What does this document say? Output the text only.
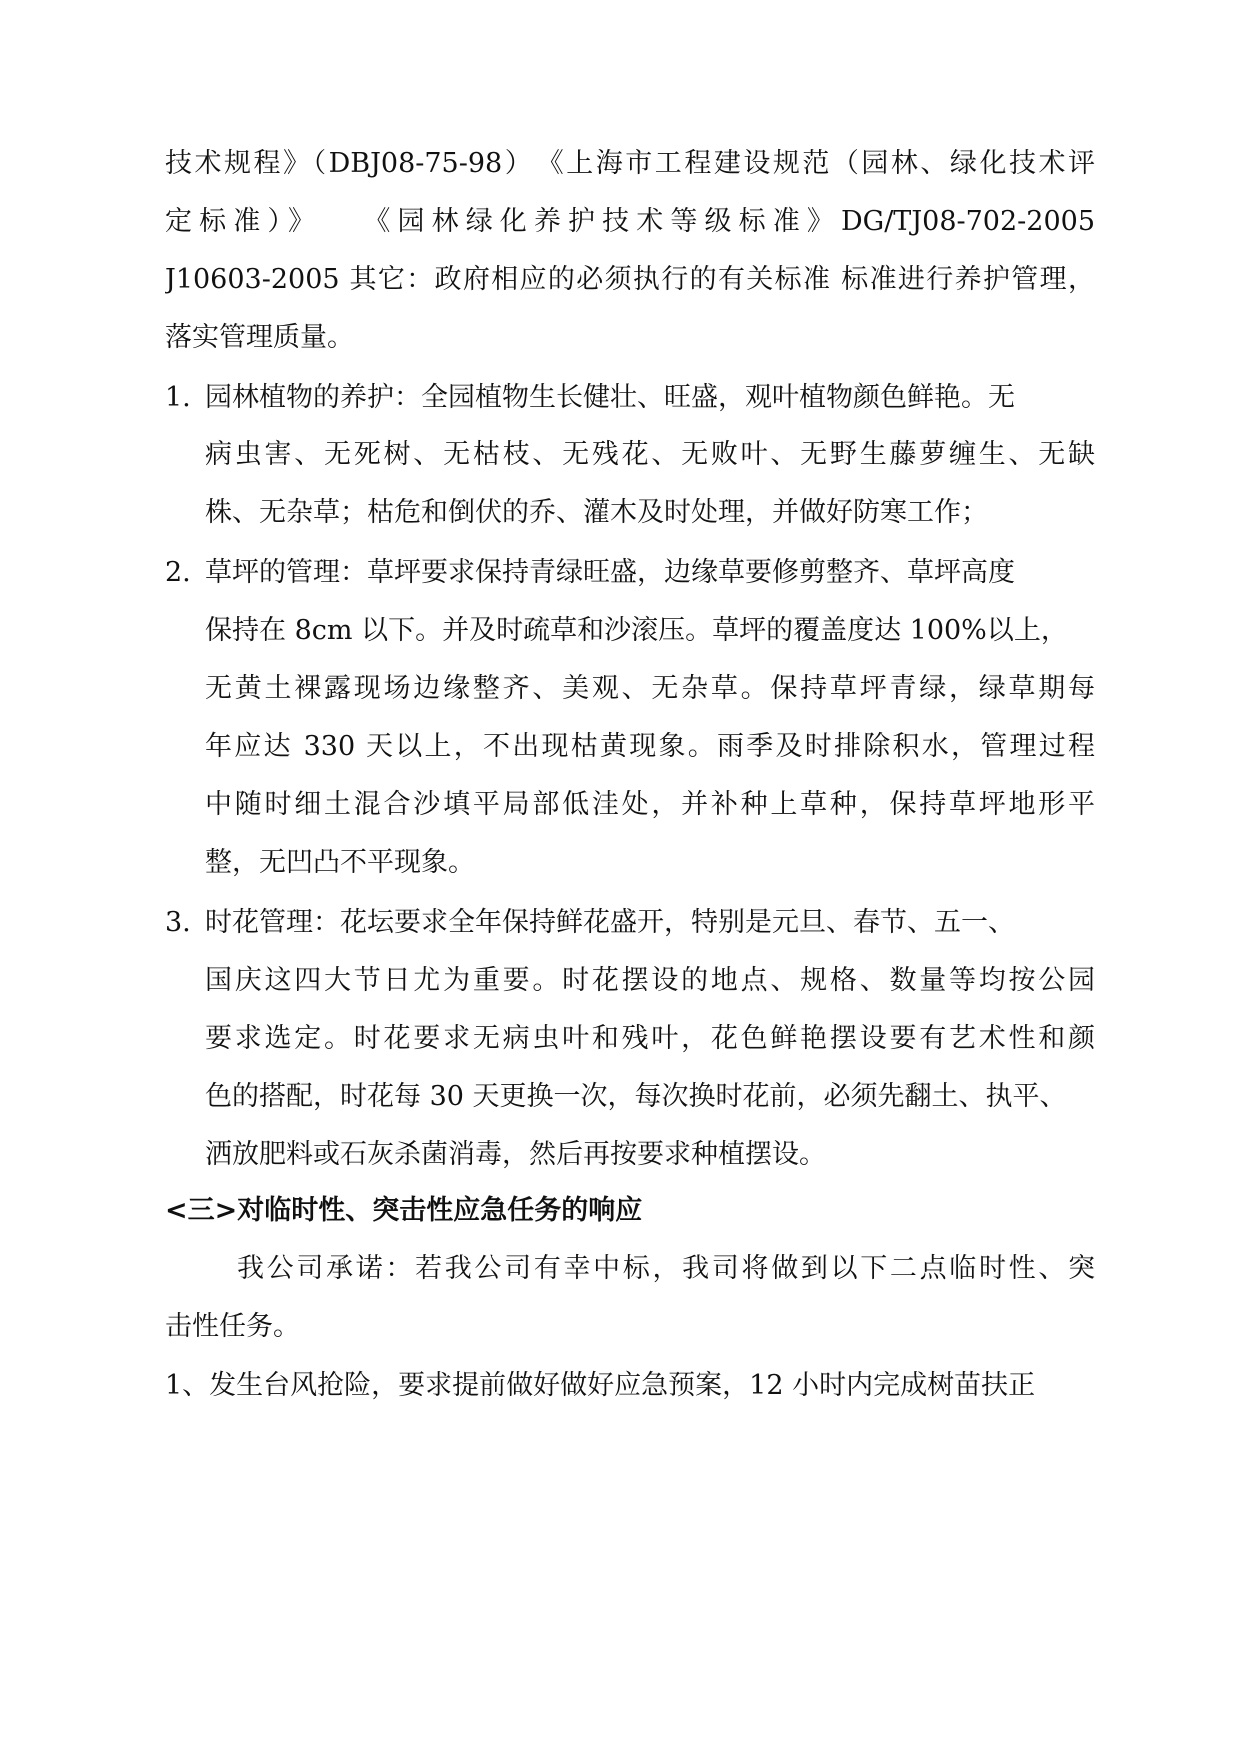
技术规程》（DBJ08-75-98）　《上海市工程建设规范（园林、绿化技术评
定标准）》　　《园林绿化养护技术等级标准》DG/TJ08-702-2005
J10603-2005 其它：政府相应的必须执行的有关标准 标准进行养护管理，
落实管理质量。
1. 园林植物的养护：全园植物生长健壮、旺盛，观叶植物颜色鲜艳。无
病虫害、无死树、无枯枝、无残花、无败叶、无野生藤萝缠生、无缺
株、无杂草；枯危和倒伏的乔、灌木及时处理，并做好防寒工作；
2. 草坪的管理：草坪要求保持青绿旺盛，边缘草要修剪整齐、草坪高度
保持在 8cm 以下。并及时疏草和沙滚压。草坪的覆盖度达 100%以上，
无黄土裸露现场边缘整齐、美观、无杂草。保持草坪青绿，绿草期每
年应达 330 天以上，不出现枯黄现象。雨季及时排除积水，管理过程
中随时细土混合沙填平局部低洼处，并补种上草种，保持草坪地形平
整，无凹凸不平现象。
3. 时花管理：花坛要求全年保持鲜花盛开，特别是元旦、春节、五一、
国庆这四大节日尤为重要。时花摆设的地点、规格、数量等均按公园
要求选定。时花要求无病虫叶和残叶，花色鲜艳摆设要有艺术性和颜
色的搭配，时花每 30 天更换一次，每次换时花前，必须先翻土、执平、
洒放肥料或石灰杀菌消毒，然后再按要求种植摆设。
<三>对临时性、突击性应急任务的响应
我公司承诺：若我公司有幸中标，我司将做到以下二点临时性、突
击性任务。
1、发生台风抢险，要求提前做好做好应急预案，12 小时内完成树苗扶正
